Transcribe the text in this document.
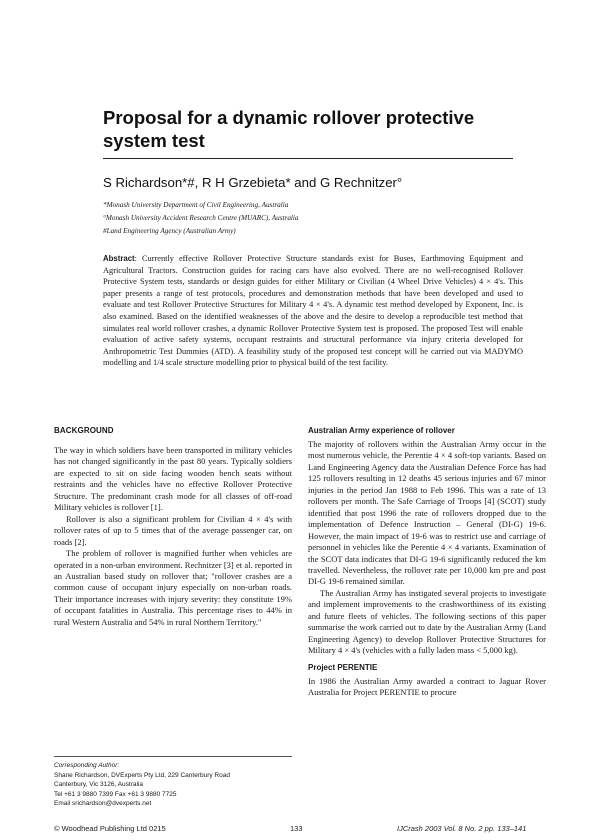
Proposal for a dynamic rollover protective system test
S Richardson*#, R H Grzebieta* and G Rechnitzer°
*Monash University Department of Civil Engineering, Australia
°Monash University Accident Research Centre (MUARC), Australia
#Land Engineering Agency (Australian Army)
Abstract: Currently effective Rollover Protective Structure standards exist for Buses, Earthmoving Equipment and Agricultural Tractors. Construction guides for racing cars have also evolved. There are no well-recognised Rollover Protective System tests, standards or design guides for either Military or Civilian (4 Wheel Drive Vehicles) 4 × 4's. This paper presents a range of test protocols, procedures and demonstration methods that have been developed and used to evaluate and test Rollover Protective Structures for Military 4 × 4's. A dynamic test method developed by Exponent, Inc. is also examined. Based on the identified weaknesses of the above and the desire to develop a reproducible test method that simulates real world rollover crashes, a dynamic Rollover Protective System test is proposed. The proposed Test will enable evaluation of active safety systems, occupant restraints and structural performance via injury criteria developed for Anthropometric Test Dummies (ATD). A feasibility study of the proposed test concept will be carried out via MADYMO modelling and 1/4 scale structure modelling prior to physical build of the test facility.
BACKGROUND

The way in which soldiers have been transported in military vehicles has not changed significantly in the past 80 years. Typically soldiers are expected to sit on side facing wooden bench seats without restraints and the vehicles have no effective Rollover Protective Structure. The predominant crash mode for all classes of off-road Military vehicles is rollover [1].

Rollover is also a significant problem for Civilian 4 × 4's with rollover rates of up to 5 times that of the average passenger car, on roads [2].

The problem of rollover is magnified further when vehicles are operated in a non-urban environment. Rechnitzer [3] et al. reported in an Australian based study on rollover that; "rollover crashes are a common cause of occupant injury especially on non-urban roads. Their importance increases with injury severity: they constitute 19% of occupant fatalities in Australia. This percentage rises to 44% in rural Western Australia and 54% in rural Northern Territory."

Australian Army experience of rollover

The majority of rollovers within the Australian Army occur in the most numerous vehicle, the Perentie 4 × 4 soft-top variants. Based on Land Engineering Agency data the Australian Defence Force has had 125 rollovers resulting in 12 deaths 45 serious injuries and 67 minor injuries in the period Jan 1988 to Feb 1996. This was a rate of 13 rollovers per month. The Safe Carriage of Troops [4] (SCOT) study identified that post 1996 the rate of rollovers dropped due to the implementation of Defence Instruction – General (DI-G) 19-6. However, the main impact of 19-6 was to restrict use and carriage of personnel in vehicles like the Perentie 4 × 4 variants. Examination of the SCOT data indicates that DI-G 19-6 significantly reduced the km travelled. Nevertheless, the rollover rate per 10,000 km pre and post DI-G 19-6 remained similar.

The Australian Army has instigated several projects to investigate and implement improvements to the crashworthiness of its existing and future fleets of vehicles. The following sections of this paper summarise the work carried out to date by the Australian Army (Land Engineering Agency) to develop Rollover Protective Structures for Military 4 × 4's (vehicles with a fully laden mass < 5,000 kg).

Project PERENTIE

In 1986 the Australian Army awarded a contract to Jaguar Rover Australia for Project PERENTIE to procure

Corresponding Author:
Shane Richardson, DVExperts Pty Ltd, 229 Canterbury Road
Canterbury, Vic 3126, Australia
Tel +61 3 9880 7399 Fax +61 3 9880 7725
Email srichardson@dvexperts.net
© Woodhead Publishing Ltd 0215	133	IJCrash 2003 Vol. 8 No. 2 pp. 133–141
